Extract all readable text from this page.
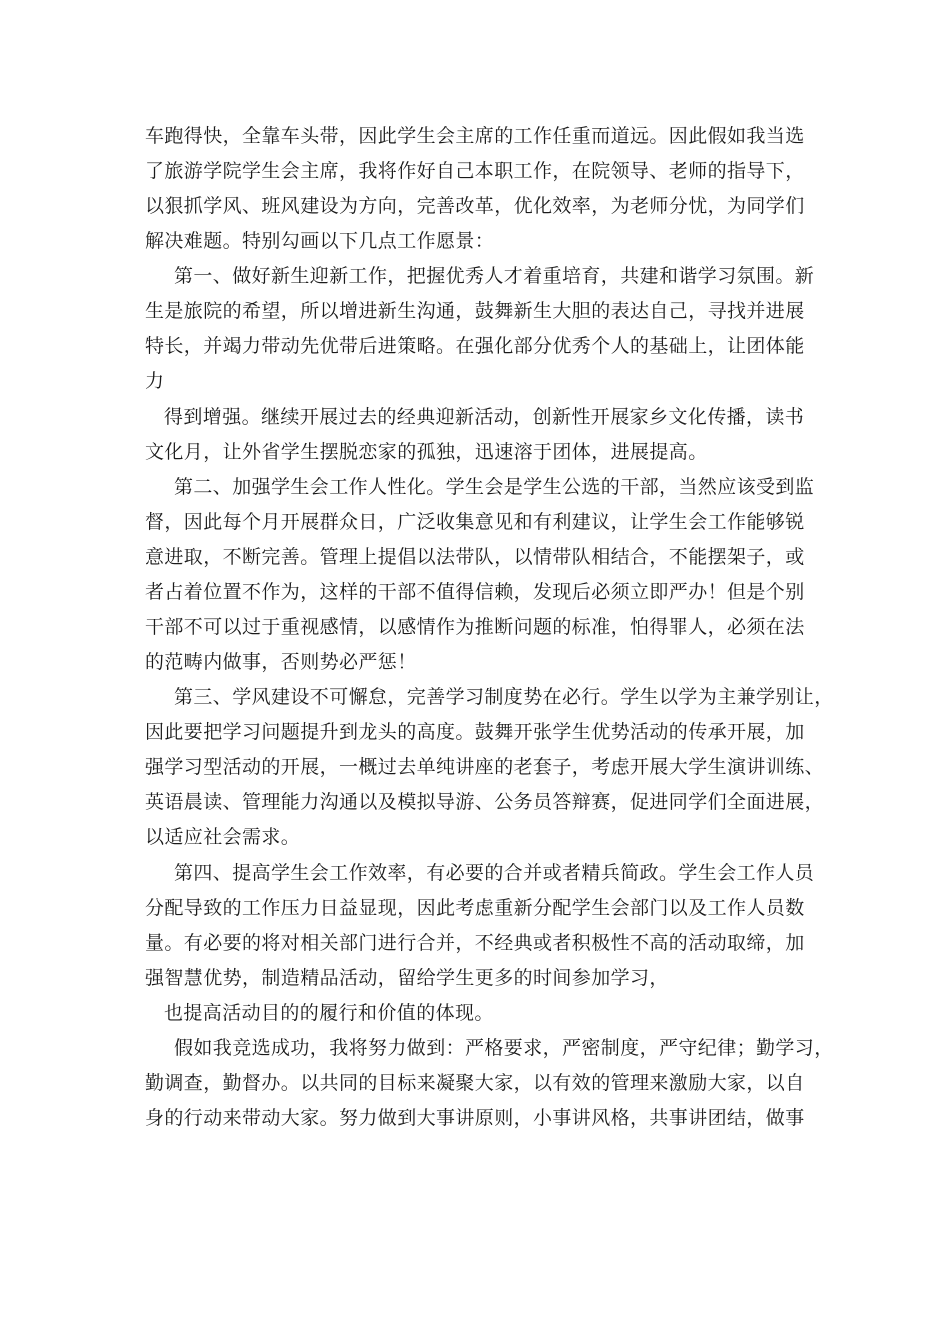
车跑得快，全靠车头带，因此学生会主席的工作任重而道远。因此假如我当选
了旅游学院学生会主席，我将作好自己本职工作，在院领导、老师的指导下，
以狠抓学风、班风建设为方向，完善改革，优化效率，为老师分忧，为同学们
解决难题。特别勾画以下几点工作愿景：
第一、做好新生迎新工作，把握优秀人才着重培育，共建和谐学习氛围。新
生是旅院的希望，所以增进新生沟通，鼓舞新生大胆的表达自己，寻找并进展
特长，并竭力带动先优带后进策略。在强化部分优秀个人的基础上，让团体能
力
得到增强。继续开展过去的经典迎新活动，创新性开展家乡文化传播，读书
文化月，让外省学生摆脱恋家的孤独，迅速溶于团体，进展提高。
第二、加强学生会工作人性化。学生会是学生公选的干部，当然应该受到监
督，因此每个月开展群众日，广泛收集意见和有利建议，让学生会工作能够锐
意进取，不断完善。管理上提倡以法带队，以情带队相结合，不能摆架子，或
者占着位置不作为，这样的干部不值得信赖，发现后必须立即严办！但是个别
干部不可以过于重视感情，以感情作为推断问题的标准，怕得罪人，必须在法
的范畴内做事，否则势必严惩！
第三、学风建设不可懈怠，完善学习制度势在必行。学生以学为主兼学别让，
因此要把学习问题提升到龙头的高度。鼓舞开张学生优势活动的传承开展，加
强学习型活动的开展，一概过去单纯讲座的老套子，考虑开展大学生演讲训练、
英语晨读、管理能力沟通以及模拟导游、公务员答辩赛，促进同学们全面进展，
以适应社会需求。
第四、提高学生会工作效率，有必要的合并或者精兵简政。学生会工作人员
分配导致的工作压力日益显现，因此考虑重新分配学生会部门以及工作人员数
量。有必要的将对相关部门进行合并，不经典或者积极性不高的活动取缔，加
强智慧优势，制造精品活动，留给学生更多的时间参加学习，
也提高活动目的的履行和价值的体现。
假如我竞选成功，我将努力做到：严格要求，严密制度，严守纪律；勤学习，
勤调查，勤督办。以共同的目标来凝聚大家，以有效的管理来激励大家，以自
身的行动来带动大家。努力做到大事讲原则，小事讲风格，共事讲团结，做事
